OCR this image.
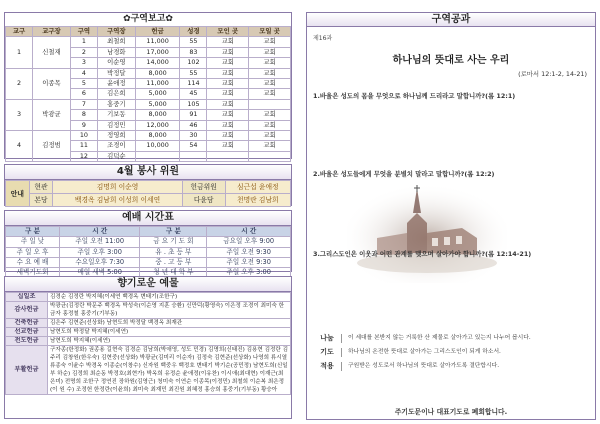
✿구역보고✿
교구	교구장	구역	구역장	헌금	성경	모인 곳	모일 곳
1	신철재	1	최철희	11,000	55	교회	교회
		2	남경화	17,000	83	교회	교회
		3	이순영	14,000	102	교회	교회
2	이종목	4	박정달	8,000	55	교회	교회
		5	윤애정	11,000	114	교회	교회
		6	김은희	5,000	45	교회	교회
3	박광균	7	홍중기	5,000	105	교회	
		8	기보동	8,000	91	교회	교회
		9	김정민	12,000	46	교회	교회
4	김정범	10	정영희	8,000	30	교회	교회
		11	조경이	10,000	54	교회	교회
		12	김덕순				
4월 봉사 위원
안내	현관	김명희 이순영	헌금위원	심근섭 윤애정
	본당	백경옥 김남희 이성희 이세연	다윤담	천명란 김남희
예배 시간표
구 분	시 간	구 분	시 간
주 일 낮	주일 오전 11:00	금 요 기 도 회	금요일 오후 9:00
주 일 오 후	주일 오후 3:00	유 . 초 등 부	주일 오전 9:30
수 요 예 배	수요일오후 7:30	중 . 고 등 부	주일 오전 9:30
새벽기도회	매일 새벽 5:00	청 년 대 학 부	주일 오후 3:00
향기로운 예물
십일조	김경순 김정란 박지혜(이세연 백경옥 변태기(조한구)
감사헌금	박광균(김정란 박문주 백경옥 박성숙(이순영 지훈 승환) 신만덕(황영숙) 이은정 조경이 최미숙 한금자 홍정철 홍중기(기부동)
건축헌금	김은주 김현준(선상화) 남현도희 박정달 백경옥 최재관
선교헌금	남현도희 박정달 박지혜(이세연)
전도헌금	남현도희 박지혜(이세연)
부활헌금	구자종(한정화) 권종용 길현숙 김경순 김남희(박애영, 성도 민경) 김명희(신태진) 김용현 김정란 김주리 김창원(한우숙) 김현중(선상화) 박광균(김미리 이순자) 김정숙 김현준(선상화) 나영희 류시열 류종숙 이윤수 박경옥 이종순(이창수) 신자원 백중우 백정호 변태기 박기순(공민정) 남현도희(신일부 하순) 김정희 최순동 박정호(최현가) 박옥희 유정순 윤애정(이유찬) 이시애(최대현) 이재근(최은미) 전명희 조한구 정연진 장하원(김영근) 청미숙 이연순 이종목(이정민) 최철희 이순복 최은정(이 원 수) 조정헌 한정란(이윤희) 최미숙 최재민 최진원 최혜정 홍승희 홍중기(기부동) 황승아
구역공과
제16과
하나님의 뜻대로 사는 우리
(로마서 12:1-2, 14-21)
1.바울은 성도의 몸을 무엇으로 하나님께 드리라고 말합니까?(롬 12:1)
2.바울은 성도들에게 무엇을 분별치 말라고 말합니까?(롬 12:2)
3.그리스도인은 이웃과 어떤 관계를 맺으며 살아가야 합니까?(롬 12:14-21)
나눔	이 세대를 본받지 않는 거룩한 산 제물로 살아가고 있는지 나누어 봅시다.
기도	하나님의 온전한 뜻대로 살아가는 그리스도인이 되게 하소서.
적용	구원받은 성도로서 하나님의 뜻대로 살아가도록 결단합시다.
주기도문이나 대표기도로 폐회합니다.
